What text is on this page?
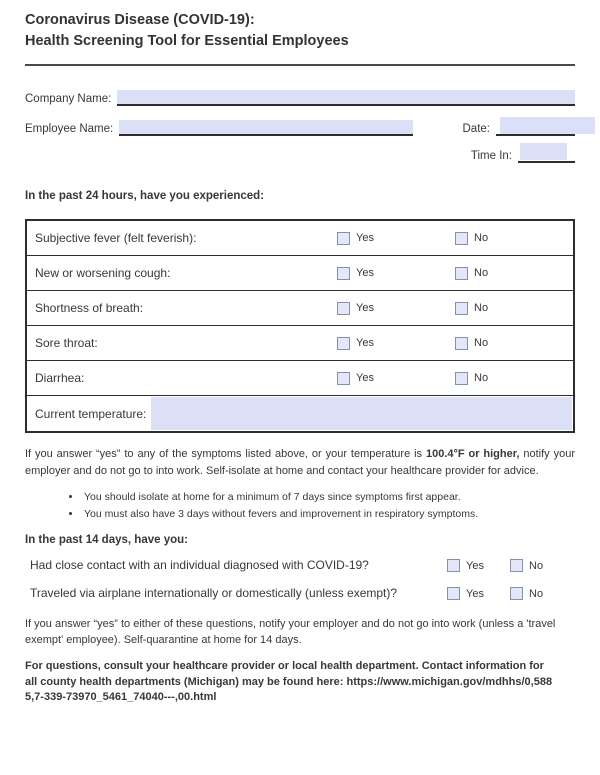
Coronavirus Disease (COVID-19):
Health Screening Tool for Essential Employees
Company Name:
Employee Name:	Date:
Time In:
In the past 24 hours, have you experienced:
Subjective fever (felt feverish):	Yes	No
New or worsening cough:	Yes	No
Shortness of breath:	Yes	No
Sore throat:	Yes	No
Diarrhea:	Yes	No
Current temperature:
If you answer “yes” to any of the symptoms listed above, or your temperature is 100.4°F or higher, notify your employer and do not go to into work. Self-isolate at home and contact your healthcare provider for advice.
• You should isolate at home for a minimum of 7 days since symptoms first appear.
• You must also have 3 days without fevers and improvement in respiratory symptoms.
In the past 14 days, have you:
Had close contact with an individual diagnosed with COVID-19?	Yes	No
Traveled via airplane internationally or domestically (unless exempt)?	Yes	No
If you answer “yes” to either of these questions, notify your employer and do not go into work (unless a 'travel exempt' employee). Self-quarantine at home for 14 days.
For questions, consult your healthcare provider or local health department. Contact information for all county health departments (Michigan) may be found here: https://www.michigan.gov/mdhhs/0,5885,7-339-73970_5461_74040---,00.html
